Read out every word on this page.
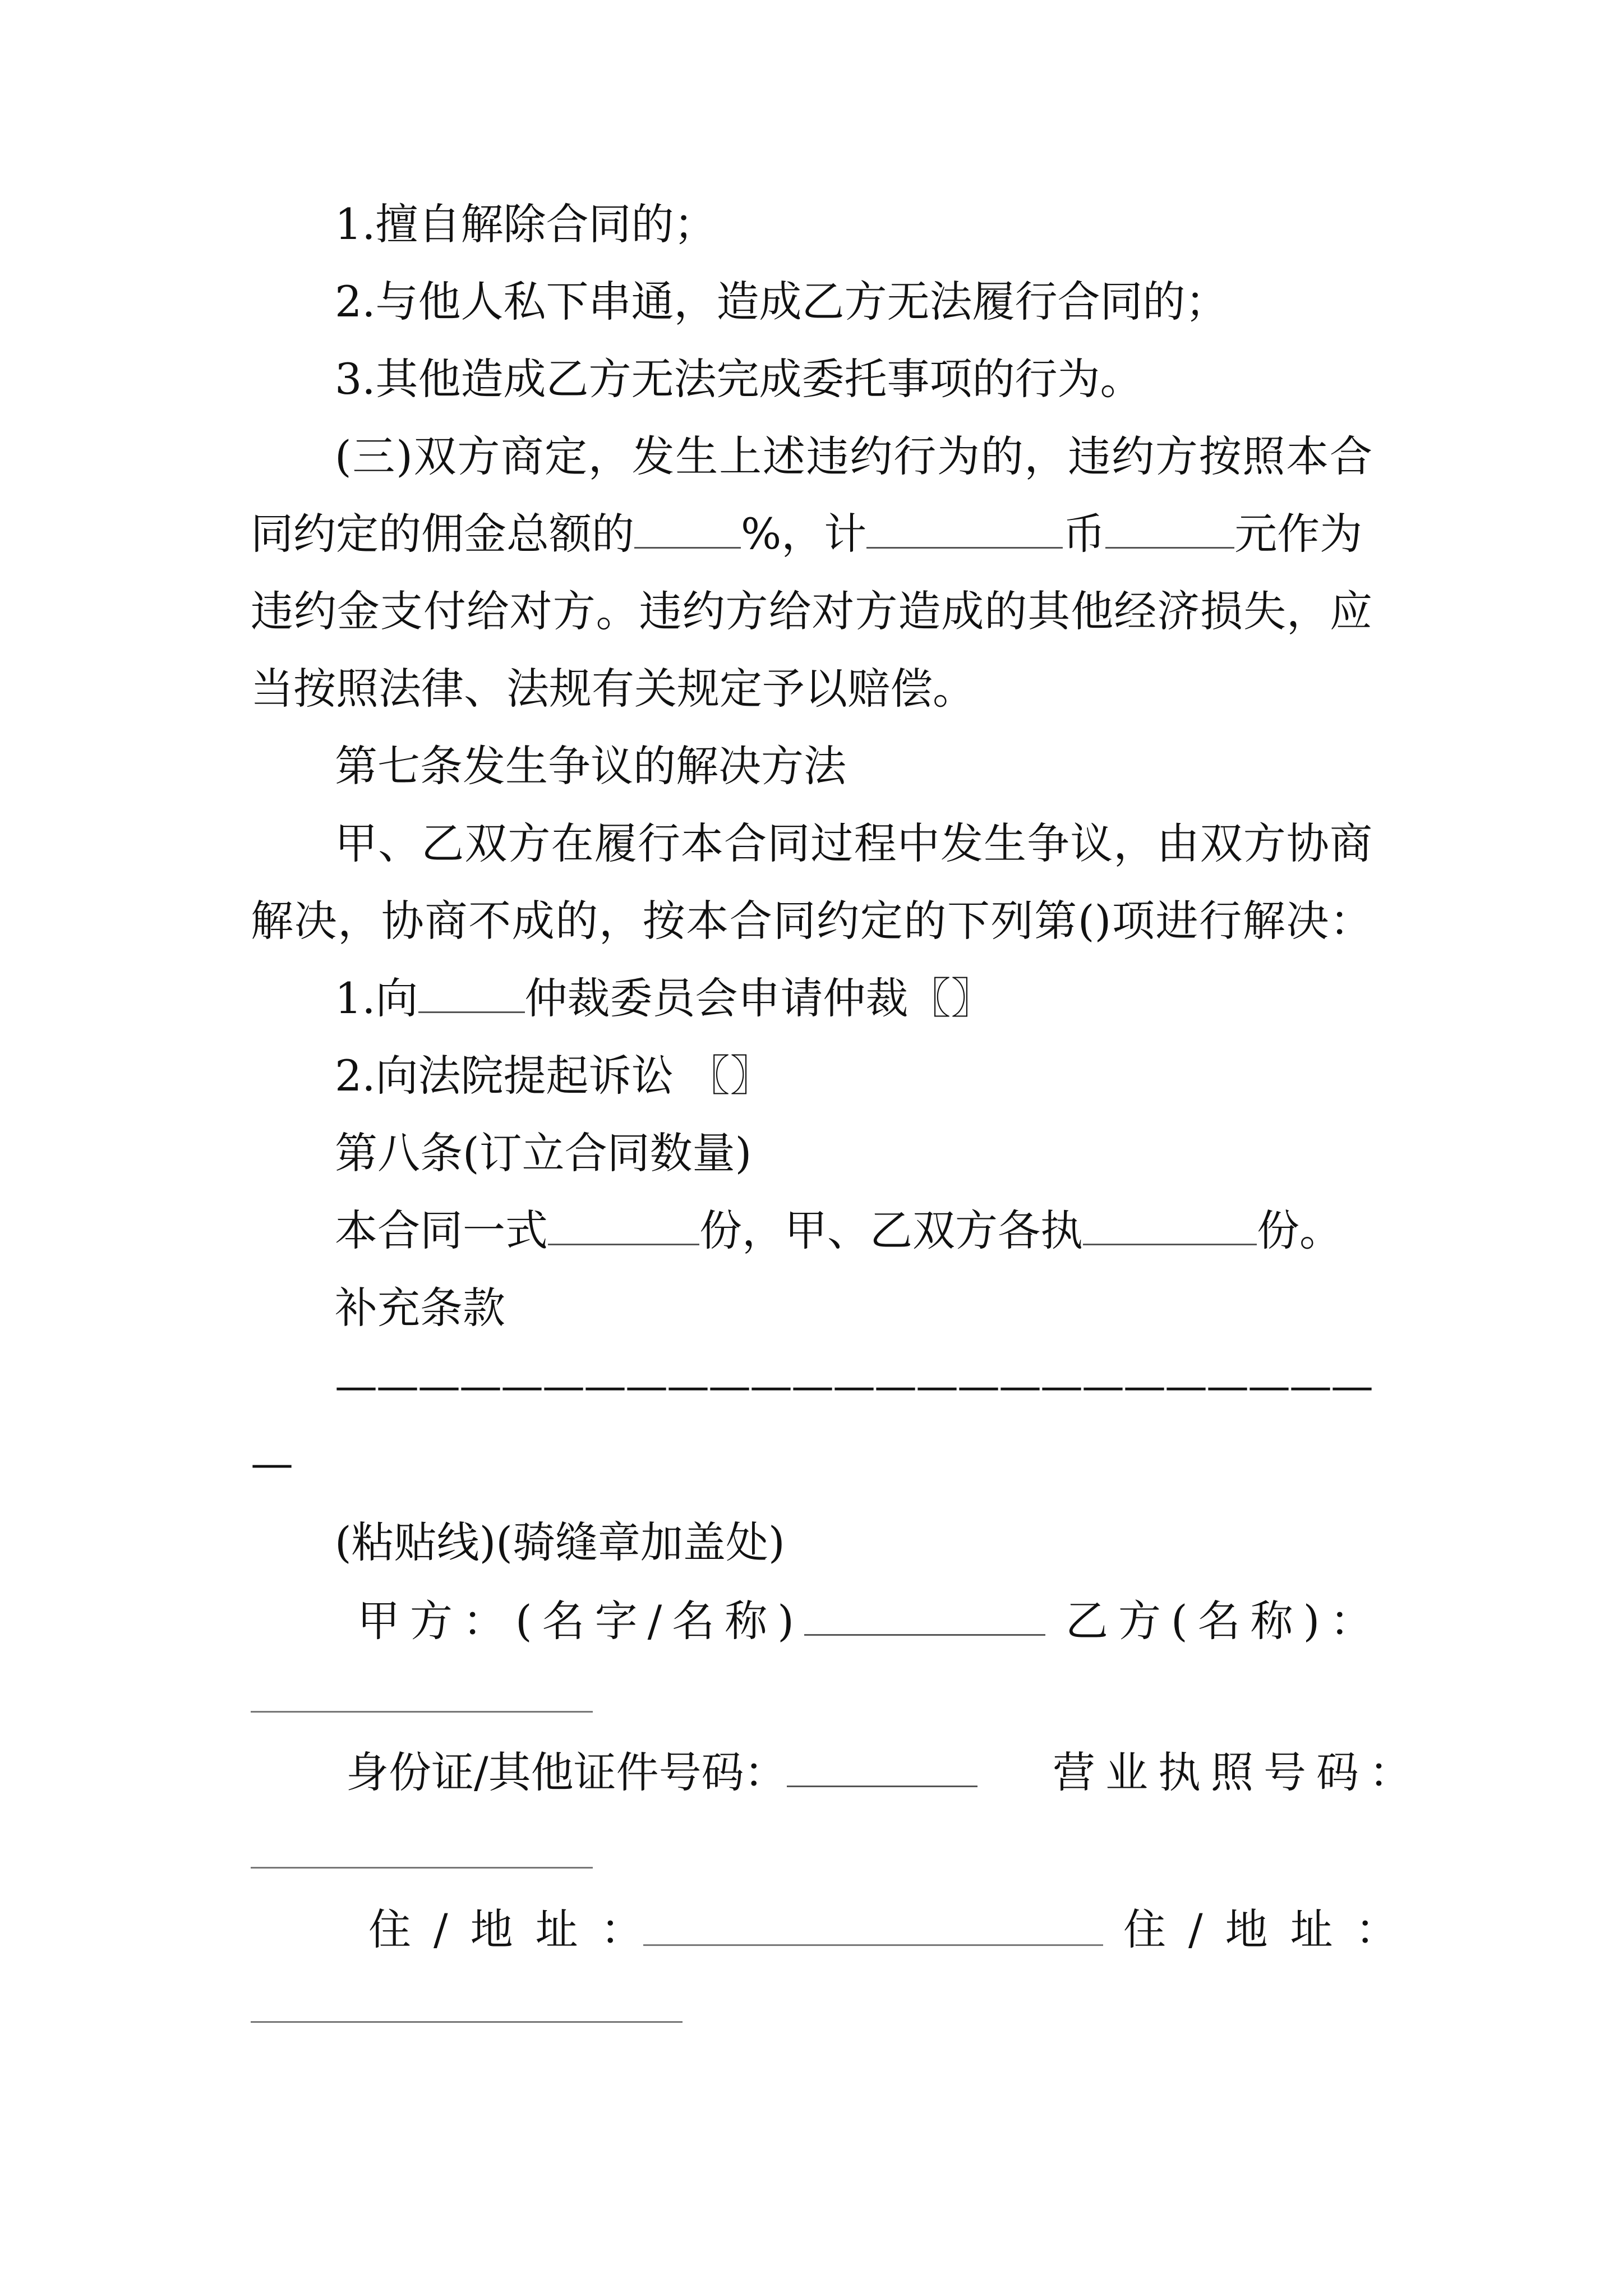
1.擅自解除合同的；
2.与他人私下串通，造成乙方无法履行合同的；
3.其他造成乙方无法完成委托事项的行为。
(三)双方商定，发生上述违约行为的，违约方按照本合
同约定的佣金总额的	%，计	币	元作为
违约金支付给对方。违约方给对方造成的其他经济损失，应
当按照法律、法规有关规定予以赔偿。
第七条发生争议的解决方法
甲、乙双方在履行本合同过程中发生争议，由双方协商
解决，协商不成的，按本合同约定的下列第()项进行解决：
1.向	仲裁委员会申请仲裁〖〗
2.向法院提起诉讼 〖〗
第八条(订立合同数量)
本合同一式	份，甲、乙双方各执	份。
补充条款
—————————————————————————
—
(粘贴线)(骑缝章加盖处)
甲方：(名字/名称)	乙方(名称)：
身份证/其他证件号码：	营业执照号码：
住/地址：	住/地址：
